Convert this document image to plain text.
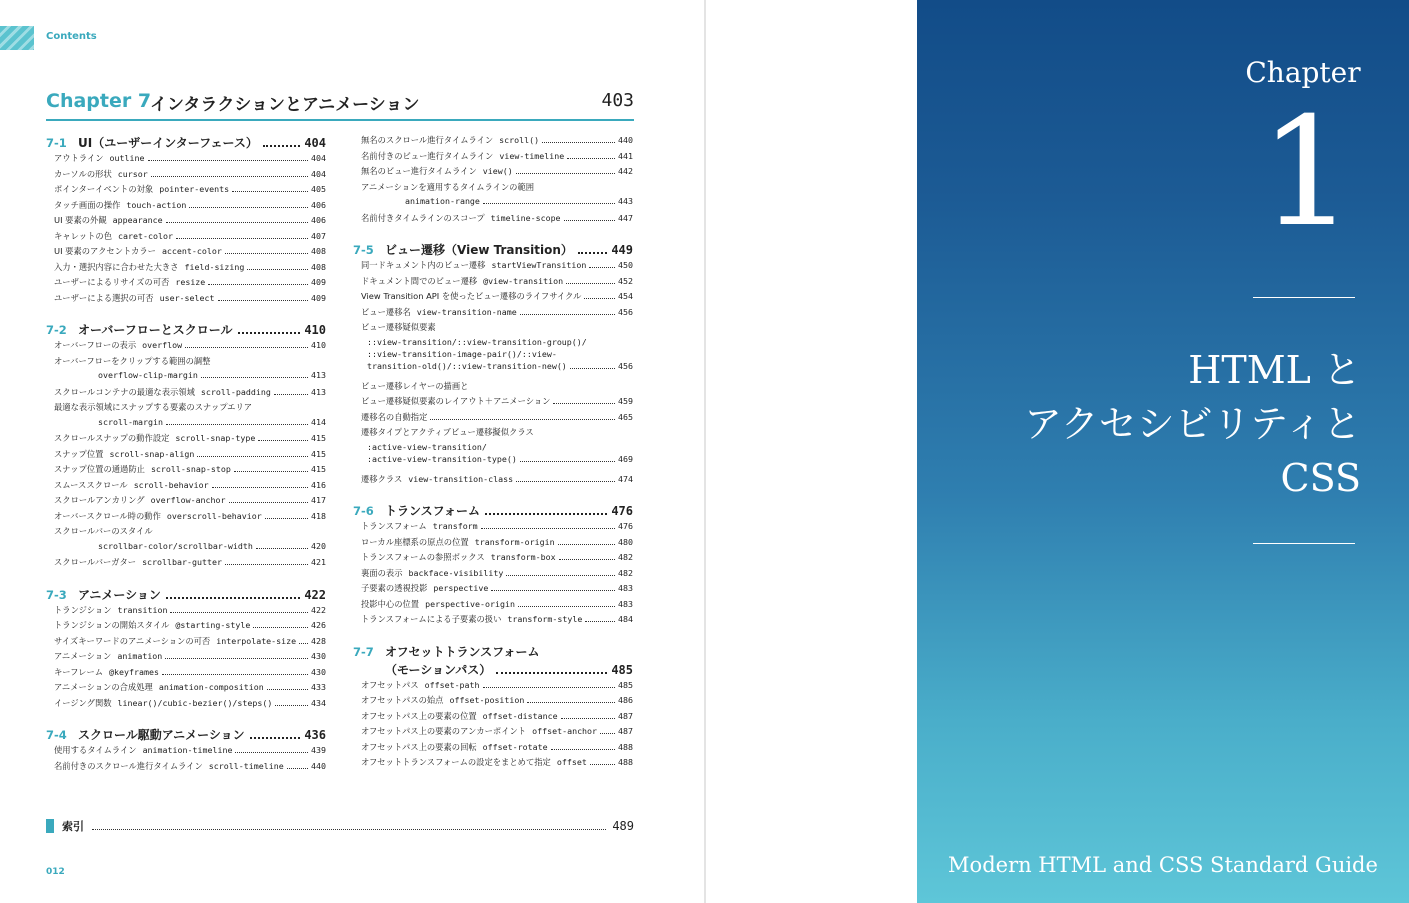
Contents
Chapter 7
インタラクションとアニメーション	403
7-1 UI（ユーザーインターフェース）	404
アウトライン outline	404
カーソルの形状 cursor	404
ポインターイベントの対象 pointer-events	405
タッチ画面の操作 touch-action	406
UI 要素の外観 appearance	406
キャレットの色 caret-color	407
UI 要素のアクセントカラー accent-color	408
入力・選択内容に合わせた大きさ field-sizing	408
ユーザーによるリサイズの可否 resize	409
ユーザーによる選択の可否 user-select	409
7-2 オーバーフローとスクロール	410
オーバーフローの表示 overflow	410
オーバーフローをクリップする範囲の調整
overflow-clip-margin	413
スクロールコンテナの最適な表示領域 scroll-padding	413
最適な表示領域にスナップする要素のスナップエリア
scroll-margin	414
スクロールスナップの動作設定 scroll-snap-type	415
スナップ位置 scroll-snap-align	415
スナップ位置の通過防止 scroll-snap-stop	415
スムーススクロール scroll-behavior	416
スクロールアンカリング overflow-anchor	417
オーバースクロール時の動作 overscroll-behavior	418
スクロールバーのスタイル
scrollbar-color/scrollbar-width	420
スクロールバーガター scrollbar-gutter	421
7-3 アニメーション	422
トランジション transition	422
トランジションの開始スタイル @starting-style	426
サイズキーワードのアニメーションの可否 interpolate-size 428
アニメーション animation	430
キーフレーム @keyframes	430
アニメーションの合成処理 animation-composition	433
イージング関数 linear()/cubic-bezier()/steps()	434
7-4 スクロール駆動アニメーション	436
使用するタイムライン animation-timeline	439
名前付きのスクロール進行タイムライン scroll-timeline	440
無名のスクロール進行タイムライン scroll()	440
名前付きのビュー進行タイムライン view-timeline	441
無名のビュー進行タイムライン view()	442
アニメーションを適用するタイムラインの範囲
animation-range	443
名前付きタイムラインのスコープ timeline-scope	447
7-5 ビュー遷移（View Transition）	449
同一ドキュメント内のビュー遷移 startViewTransition	450
ドキュメント間でのビュー遷移 @view-transition	452
View Transition API を使ったビュー遷移のライフサイクル	454
ビュー遷移名 view-transition-name	456
ビュー遷移疑似要素
::view-transition/::view-transition-group()/
::view-transition-image-pair()/::view-
transition-old()/::view-transition-new()	456
ビュー遷移レイヤーの描画と
ビュー遷移疑似要素のレイアウト＋アニメーション	459
遷移名の自動指定	465
遷移タイプとアクティブビュー遷移擬似クラス
:active-view-transition/
:active-view-transition-type()	469
遷移クラス view-transition-class	474
7-6 トランスフォーム	476
トランスフォーム transform	476
ローカル座標系の原点の位置 transform-origin	480
トランスフォームの参照ボックス transform-box	482
裏面の表示 backface-visibility	482
子要素の透視投影 perspective	483
投影中心の位置 perspective-origin	483
トランスフォームによる子要素の扱い transform-style	484
7-7 オフセットトランスフォーム
（モーションパス）	485
オフセットパス offset-path	485
オフセットパスの始点 offset-position	486
オフセットパス上の要素の位置 offset-distance	487
オフセットパス上の要素のアンカーポイント offset-anchor	487
オフセットパス上の要素の回転 offset-rotate	488
オフセットトランスフォームの設定をまとめて指定 offset	488
索引	489
012
Chapter
1
HTML と
アクセシビリティと
CSS
Modern HTML and CSS Standard Guide
